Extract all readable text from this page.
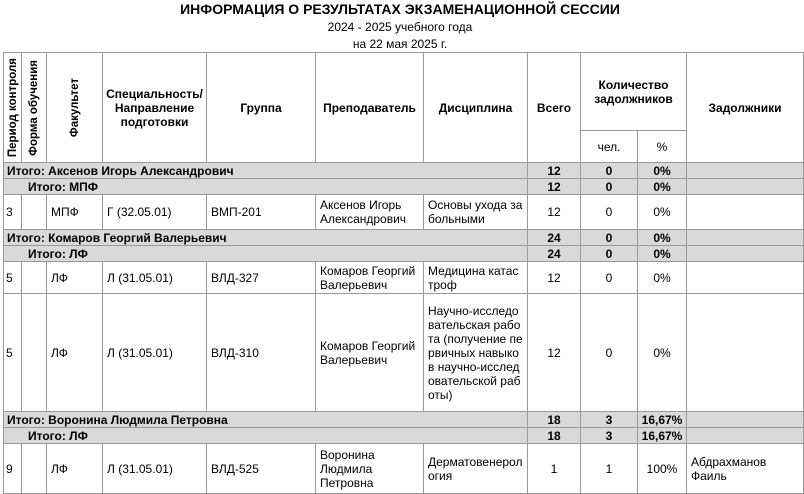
ИНФОРМАЦИЯ О РЕЗУЛЬТАТАХ ЭКЗАМЕНАЦИОННОЙ СЕССИИ
2024 - 2025 учебного года
на 22 мая 2025 г.
Период контроля	Форма обучения	Факультет	Специальность/ Направление подготовки	Группа	Преподаватель	Дисциплина	Всего	Количество задолжников		Задолжники
								чел.	%	
Итого: Аксенов Игорь Александрович							12	0	0%	
Итого: МПФ							12	0	0%	
3		МПФ	Г (32.05.01)	ВМП-201	Аксенов Игорь Александрович	Основы ухода за больными	12	0	0%	
Итого: Комаров Георгий Валерьевич							24	0	0%	
Итого: ЛФ							24	0	0%	
5		ЛФ	Л (31.05.01)	ВЛД-327	Комаров Георгий Валерьевич	Медицина катастроф	12	0	0%	
5		ЛФ	Л (31.05.01)	ВЛД-310	Комаров Георгий Валерьевич	Научно-исследовательская работа (получение первичных навыков научно-исследовательской работы)	12	0	0%	
Итого: Воронина Людмила Петровна							18	3	16,67%	
Итого: ЛФ							18	3	16,67%	
9		ЛФ	Л (31.05.01)	ВЛД-525	Воронина Людмила Петровна	Дерматовенерология	1	1	100%	Абдрахманов Фаиль
